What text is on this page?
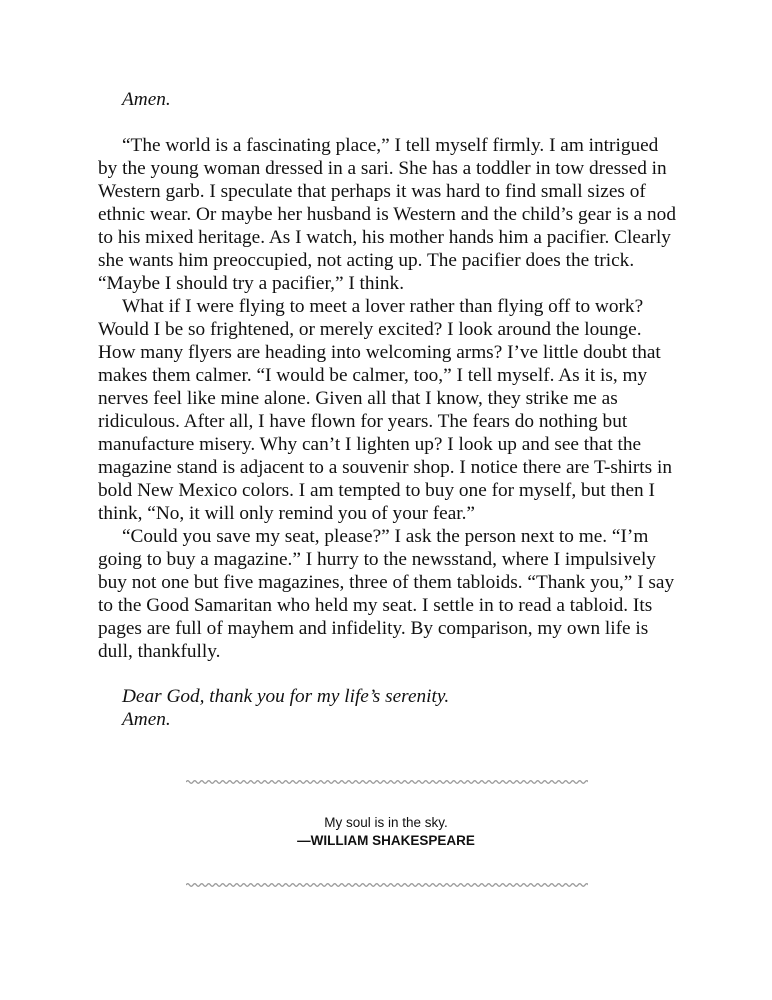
Amen.

“The world is a fascinating place,” I tell myself firmly. I am intrigued by the young woman dressed in a sari. She has a toddler in tow dressed in Western garb. I speculate that perhaps it was hard to find small sizes of ethnic wear. Or maybe her husband is Western and the child’s gear is a nod to his mixed heritage. As I watch, his mother hands him a pacifier. Clearly she wants him preoccupied, not acting up. The pacifier does the trick. “Maybe I should try a pacifier,” I think.

What if I were flying to meet a lover rather than flying off to work? Would I be so frightened, or merely excited? I look around the lounge. How many flyers are heading into welcoming arms? I’ve little doubt that makes them calmer. “I would be calmer, too,” I tell myself. As it is, my nerves feel like mine alone. Given all that I know, they strike me as ridiculous. After all, I have flown for years. The fears do nothing but manufacture misery. Why can’t I lighten up? I look up and see that the magazine stand is adjacent to a souvenir shop. I notice there are T-shirts in bold New Mexico colors. I am tempted to buy one for myself, but then I think, “No, it will only remind you of your fear.”

“Could you save my seat, please?” I ask the person next to me. “I’m going to buy a magazine.” I hurry to the newsstand, where I impulsively buy not one but five magazines, three of them tabloids. “Thank you,” I say to the Good Samaritan who held my seat. I settle in to read a tabloid. Its pages are full of mayhem and infidelity. By comparison, my own life is dull, thankfully.

Dear God, thank you for my life’s serenity.
Amen.
My soul is in the sky.
—WILLIAM SHAKESPEARE
